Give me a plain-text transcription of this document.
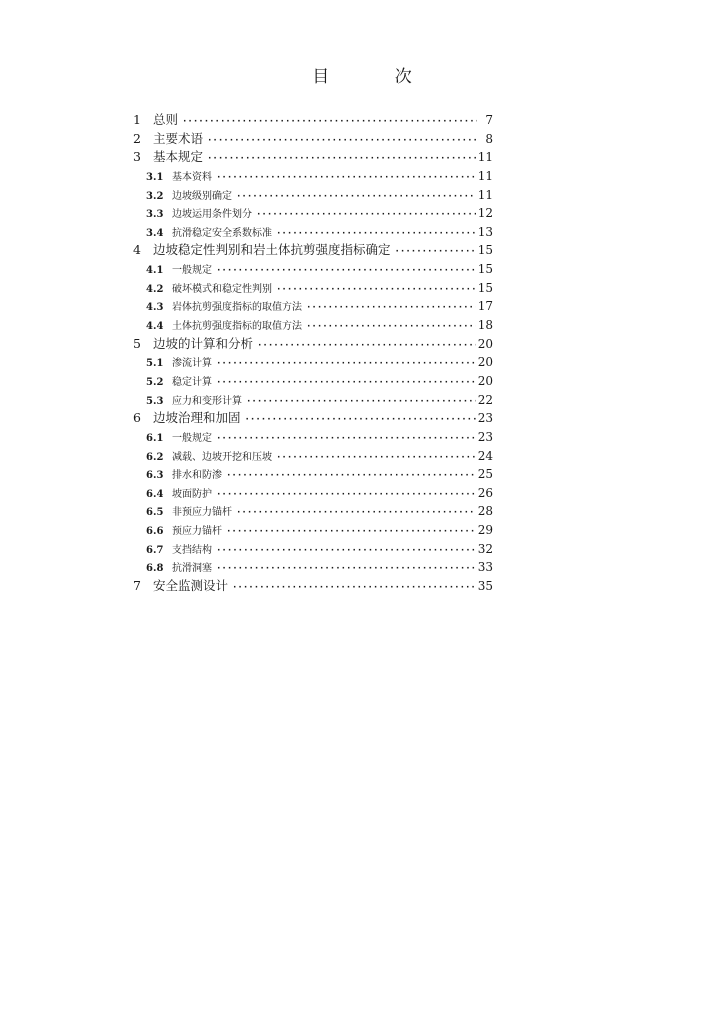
目 次
1 总则 ·····	7
2 主要术语 ·····	8
3 基本规定 ·····	11
3.1 基本资料 ·····	11
3.2 边坡级别确定 ·····	11
3.3 边坡运用条件划分 ·····	12
3.4 抗滑稳定安全系数标准 ·····	13
4 边坡稳定性判别和岩土体抗剪强度指标确定 ·····	15
4.1 一般规定 ·····	15
4.2 破坏模式和稳定性判别 ·····	15
4.3 岩体抗剪强度指标的取值方法 ·····	17
4.4 土体抗剪强度指标的取值方法 ·····	18
5 边坡的计算和分析 ·····	20
5.1 渗流计算 ·····	20
5.2 稳定计算 ·····	20
5.3 应力和变形计算 ·····	22
6 边坡治理和加固 ·····	23
6.1 一般规定 ·····	23
6.2 减载、边坡开挖和压坡 ·····	24
6.3 排水和防渗 ·····	25
6.4 坡面防护 ·····	26
6.5 非预应力锚杆 ·····	28
6.6 预应力锚杆 ·····	29
6.7 支挡结构 ·····	32
6.8 抗滑洞塞 ·····	33
7 安全监测设计 ·····	35
